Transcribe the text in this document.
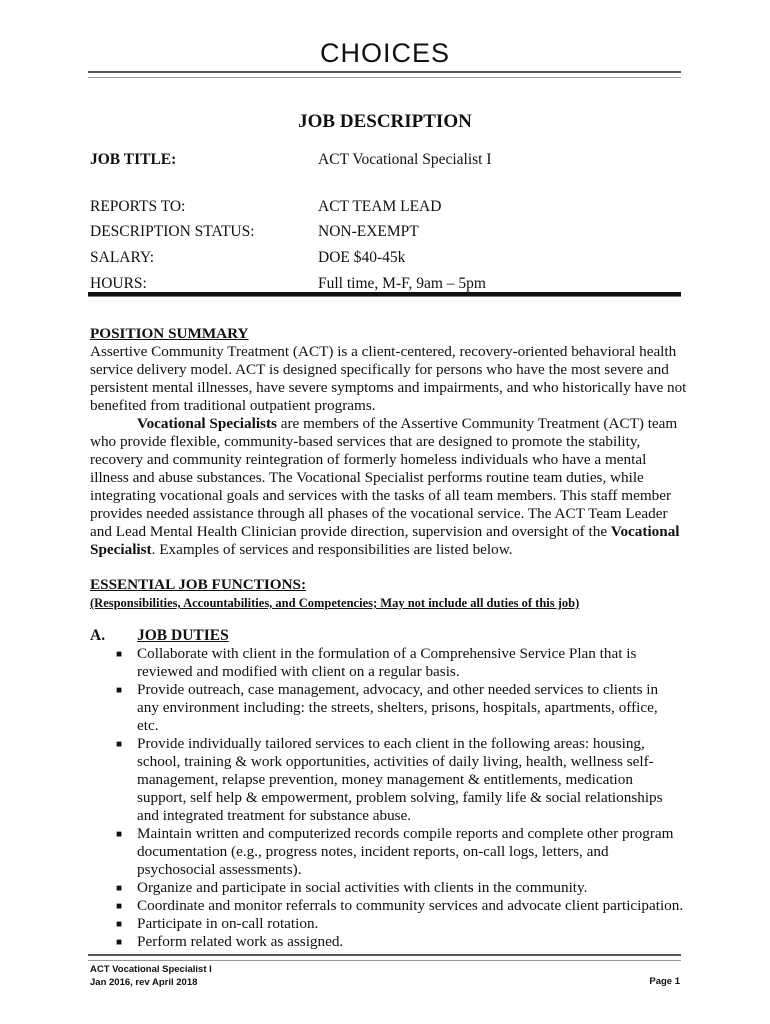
CHOICES
JOB DESCRIPTION
JOB TITLE:	ACT Vocational Specialist I
REPORTS TO:	ACT TEAM LEAD
DESCRIPTION STATUS:	NON-EXEMPT
SALARY:	DOE $40-45k
HOURS:	Full time, M-F, 9am – 5pm
POSITION SUMMARY
Assertive Community Treatment (ACT) is a client-centered, recovery-oriented behavioral health
service delivery model. ACT is designed specifically for persons who have the most severe and
persistent mental illnesses, have severe symptoms and impairments, and who historically have not
benefited from traditional outpatient programs.
Vocational Specialists are members of the Assertive Community Treatment (ACT) team
who provide flexible, community-based services that are designed to promote the stability,
recovery and community reintegration of formerly homeless individuals who have a mental
illness and abuse substances. The Vocational Specialist performs routine team duties, while
integrating vocational goals and services with the tasks of all team members. This staff member
provides needed assistance through all phases of the vocational service. The ACT Team Leader
and Lead Mental Health Clinician provide direction, supervision and oversight of the Vocational
Specialist. Examples of services and responsibilities are listed below.
ESSENTIAL JOB FUNCTIONS:
(Responsibilities, Accountabilities, and Competencies; May not include all duties of this job)
A. JOB DUTIES
■ Collaborate with client in the formulation of a Comprehensive Service Plan that is
reviewed and modified with client on a regular basis.
■ Provide outreach, case management, advocacy, and other needed services to clients in
any environment including: the streets, shelters, prisons, hospitals, apartments, office,
etc.
■ Provide individually tailored services to each client in the following areas: housing,
school, training & work opportunities, activities of daily living, health, wellness self-
management, relapse prevention, money management & entitlements, medication
support, self help & empowerment, problem solving, family life & social relationships
and integrated treatment for substance abuse.
■ Maintain written and computerized records compile reports and complete other program
documentation (e.g., progress notes, incident reports, on-call logs, letters, and
psychosocial assessments).
■ Organize and participate in social activities with clients in the community.
■ Coordinate and monitor referrals to community services and advocate client participation.
■ Participate in on-call rotation.
■ Perform related work as assigned.
ACT Vocational Specialist I
Jan 2016, rev April 2018	Page 1
